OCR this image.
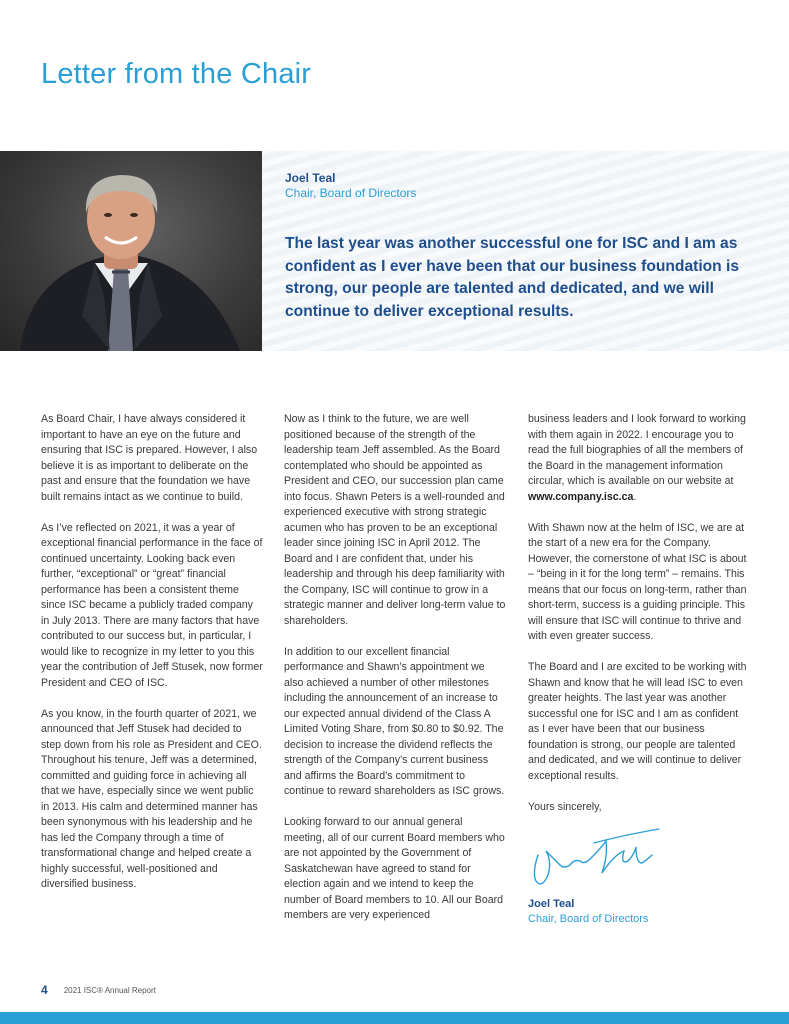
Letter from the Chair
Joel Teal
Chair, Board of Directors

The last year was another successful one for ISC and I am as confident as I ever have been that our business foundation is strong, our people are talented and dedicated, and we will continue to deliver exceptional results.

As Board Chair, I have always considered it important to have an eye on the future and ensuring that ISC is prepared. However, I also believe it is as important to deliberate on the past and ensure that the foundation we have built remains intact as we continue to build.

As I’ve reflected on 2021, it was a year of exceptional financial performance in the face of continued uncertainty. Looking back even further, “exceptional” or “great” financial performance has been a consistent theme since ISC became a publicly traded company in July 2013. There are many factors that have contributed to our success but, in particular, I would like to recognize in my letter to you this year the contribution of Jeff Stusek, now former President and CEO of ISC.

As you know, in the fourth quarter of 2021, we announced that Jeff Stusek had decided to step down from his role as President and CEO. Throughout his tenure, Jeff was a determined, committed and guiding force in achieving all that we have, especially since we went public in 2013. His calm and determined manner has been synonymous with his leadership and he has led the Company through a time of transformational change and helped create a highly successful, well-positioned and diversified business.

Now as I think to the future, we are well positioned because of the strength of the leadership team Jeff assembled. As the Board contemplated who should be appointed as President and CEO, our succession plan came into focus. Shawn Peters is a well-rounded and experienced executive with strong strategic acumen who has proven to be an exceptional leader since joining ISC in April 2012. The Board and I are confident that, under his leadership and through his deep familiarity with the Company, ISC will continue to grow in a strategic manner and deliver long-term value to shareholders.

In addition to our excellent financial performance and Shawn’s appointment we also achieved a number of other milestones including the announcement of an increase to our expected annual dividend of the Class A Limited Voting Share, from $0.80 to $0.92. The decision to increase the dividend reflects the strength of the Company’s current business and affirms the Board’s commitment to continue to reward shareholders as ISC grows.

Looking forward to our annual general meeting, all of our current Board members who are not appointed by the Government of Saskatchewan have agreed to stand for election again and we intend to keep the number of Board members to 10. All our Board members are very experienced

business leaders and I look forward to working with them again in 2022. I encourage you to read the full biographies of all the members of the Board in the management information circular, which is available on our website at www.company.isc.ca.

With Shawn now at the helm of ISC, we are at the start of a new era for the Company. However, the cornerstone of what ISC is about – “being in it for the long term” – remains. This means that our focus on long-term, rather than short-term, success is a guiding principle. This will ensure that ISC will continue to thrive and with even greater success.

The Board and I are excited to be working with Shawn and know that he will lead ISC to even greater heights. The last year was another successful one for ISC and I am as confident as I ever have been that our business foundation is strong, our people are talented and dedicated, and we will continue to deliver exceptional results.

Yours sincerely,

Joel Teal
Chair, Board of Directors
4 2021 ISC® Annual Report
